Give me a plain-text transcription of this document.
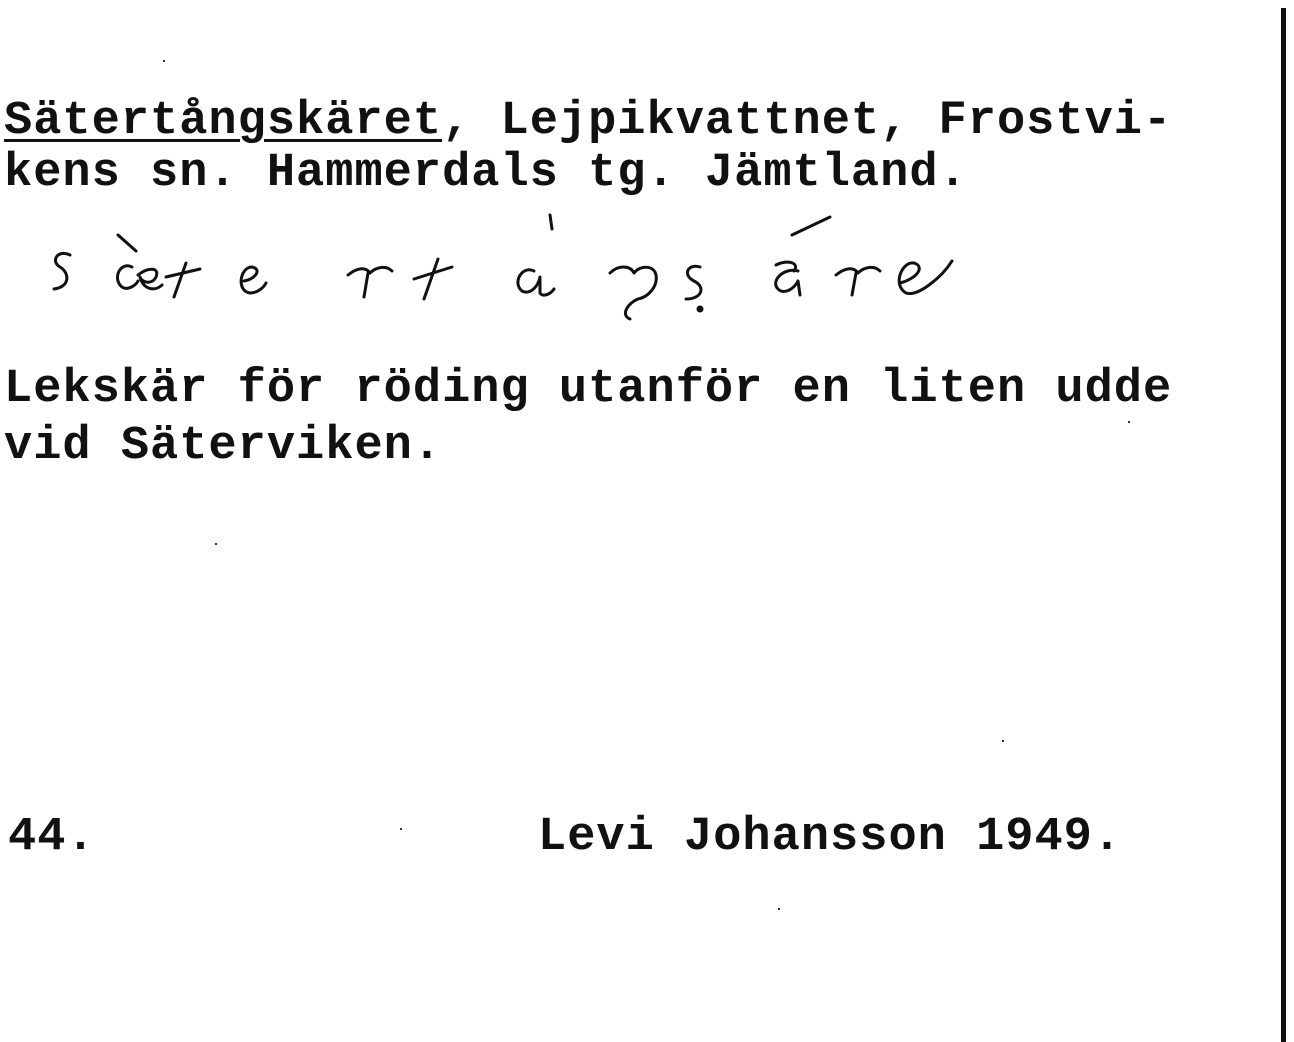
Sätertångskäret, Lejpikvattnet, Frostvi-
kens sn. Hammerdals tg. Jämtland.
Lekskär för röding utanför en liten udde
vid Säterviken.
44.	Levi Johansson 1949.
